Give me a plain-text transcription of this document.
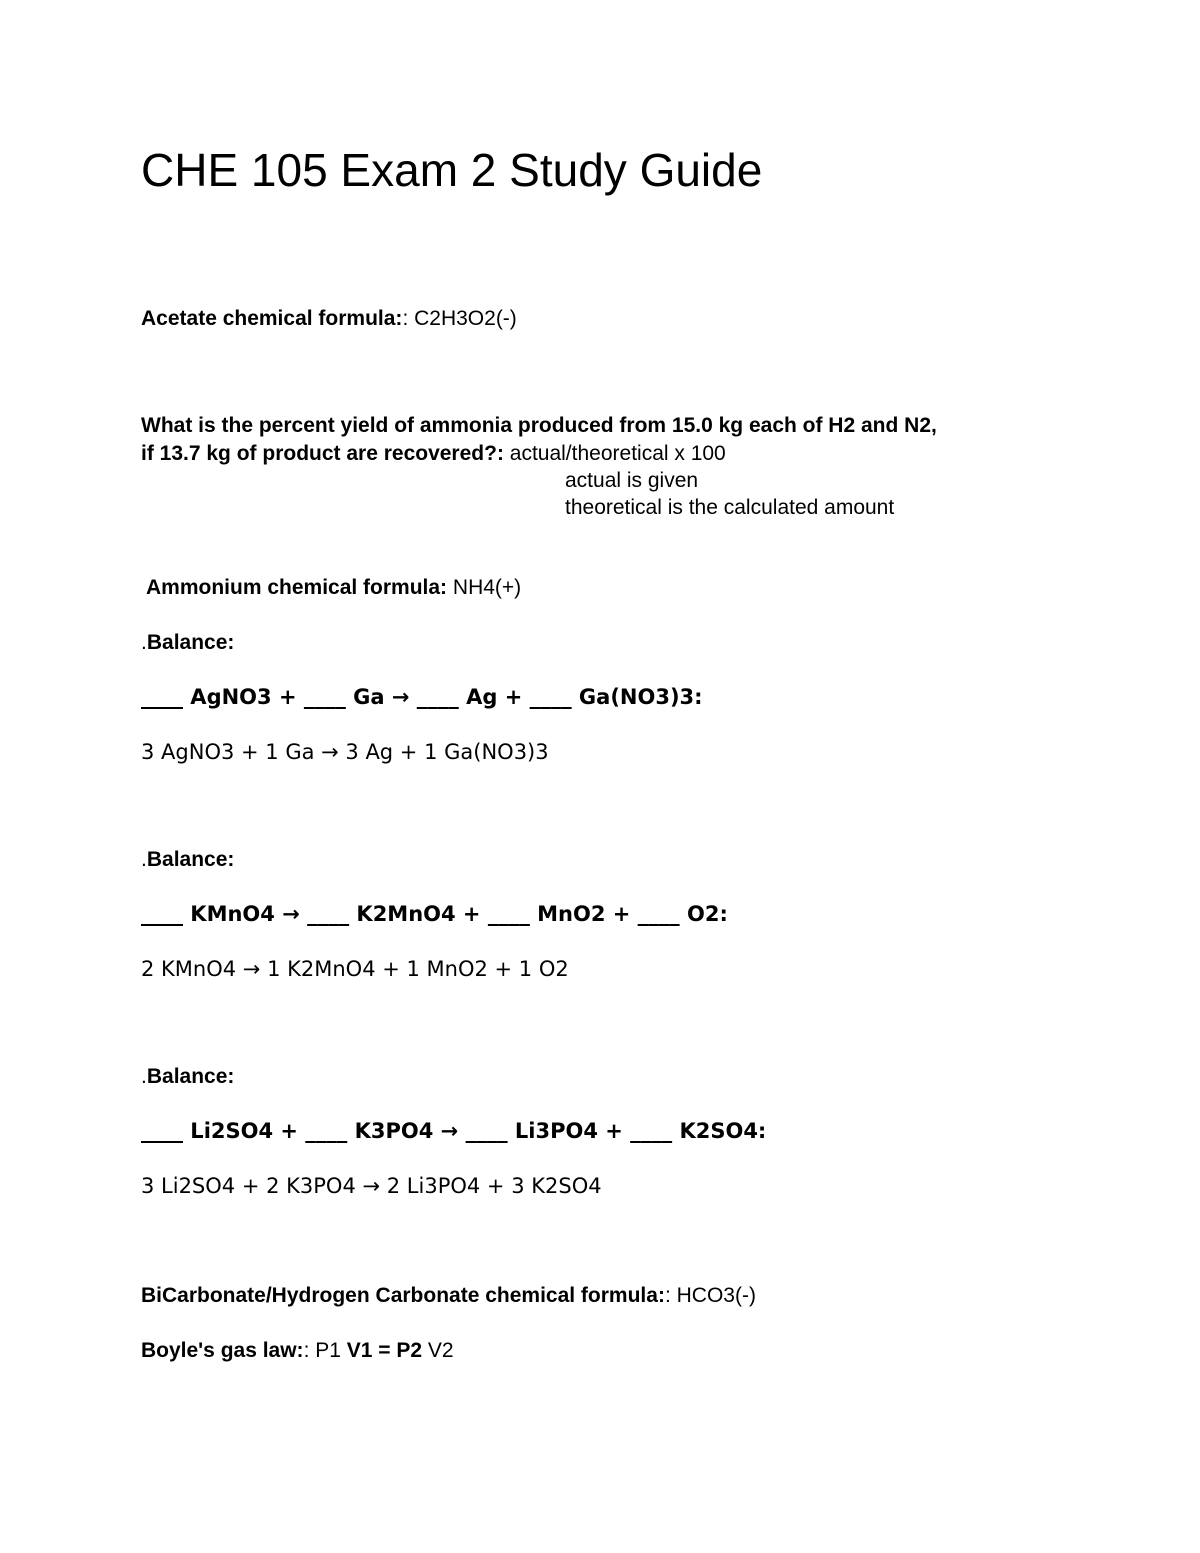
CHE 105 Exam 2 Study Guide
Acetate chemical formula:: C2H3O2(-)
What is the percent yield of ammonia produced from 15.0 kg each of H2 and N2,
if 13.7 kg of product are recovered?: actual/theoretical x 100
actual is given
theoretical is the calculated amount
Ammonium chemical formula: NH4(+)
.Balance:
____ AgNO3 + ____ Ga → ____ Ag + ____ Ga(NO3)3:
3 AgNO3 + 1 Ga → 3 Ag + 1 Ga(NO3)3
.Balance:
____ KMnO4 → ____ K2MnO4 + ____ MnO2 + ____ O2:
2 KMnO4 → 1 K2MnO4 + 1 MnO2 + 1 O2
.Balance:
____ Li2SO4 + ____ K3PO4 → ____ Li3PO4 + ____ K2SO4:
3 Li2SO4 + 2 K3PO4 → 2 Li3PO4 + 3 K2SO4
BiCarbonate/Hydrogen Carbonate chemical formula:: HCO3(-)
Boyle's gas law:: P1 V1 = P2 V2
